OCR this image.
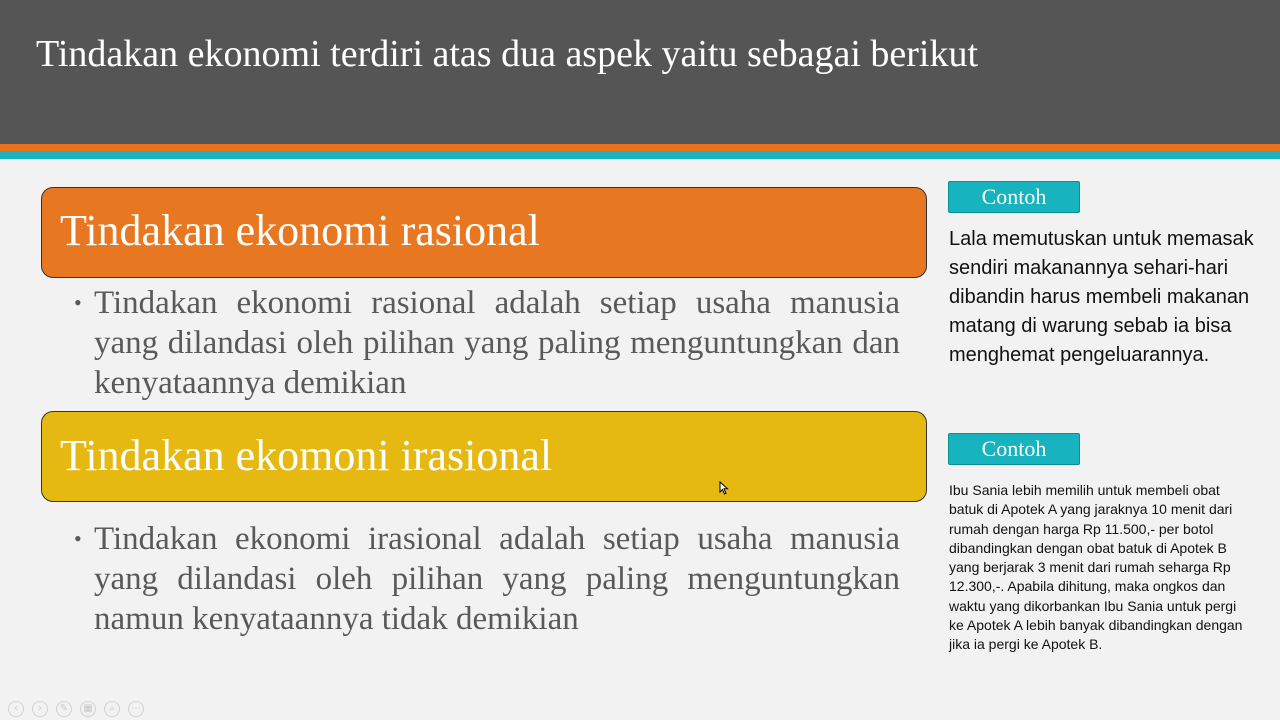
Tindakan ekonomi terdiri atas dua aspek yaitu sebagai berikut
Tindakan ekonomi rasional
• Tindakan ekonomi rasional adalah setiap usaha manusia yang dilandasi oleh pilihan yang paling menguntungkan dan kenyataannya demikian
Tindakan ekomoni irasional
• Tindakan ekonomi irasional adalah setiap usaha manusia yang dilandasi oleh pilihan yang paling menguntungkan namun kenyataannya tidak demikian
Contoh
Lala memutuskan untuk memasak sendiri makanannya sehari-hari dibandin harus membeli makanan matang di warung sebab ia bisa menghemat pengeluarannya.
Contoh
Ibu Sania lebih memilih untuk membeli obat batuk di Apotek A yang jaraknya 10 menit dari rumah dengan harga Rp 11.500,- per botol dibandingkan dengan obat batuk di Apotek B yang berjarak 3 menit dari rumah seharga Rp 12.300,-. Apabila dihitung, maka ongkos dan waktu yang dikorbankan Ibu Sania untuk pergi ke Apotek A lebih banyak dibandingkan dengan jika ia pergi ke Apotek B.
‹ › ✎ ▦ ⌕ ⋯
